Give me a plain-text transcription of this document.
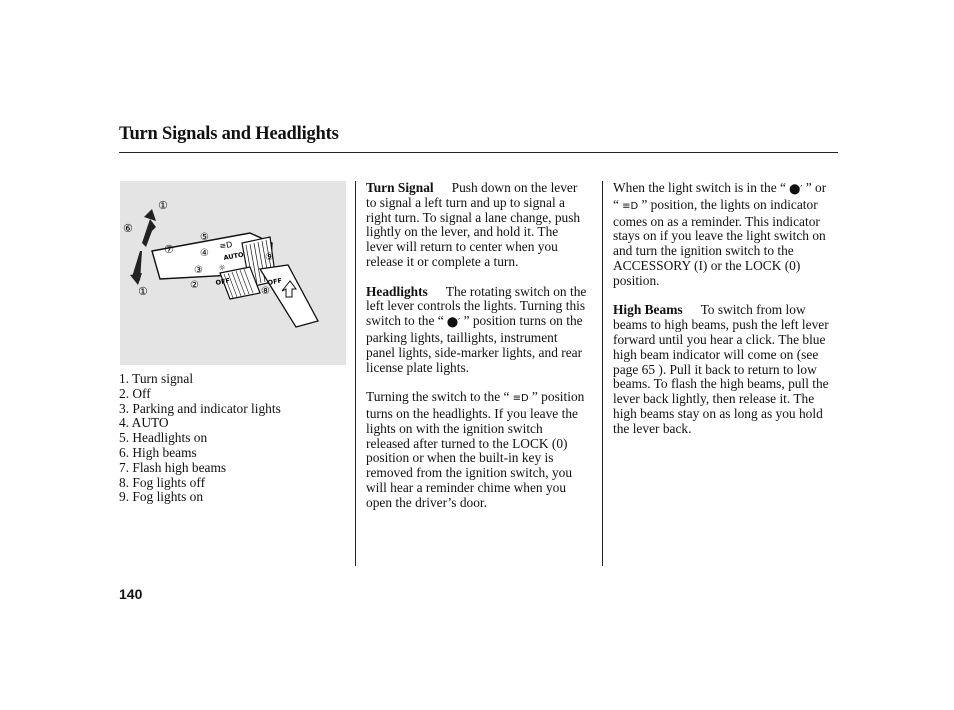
Turn Signals and Headlights
AUTO
OFF	OFF
①
①
⑥
⑦
⑤
④
③
②
⑨
⑧
≡D
☼
1. Turn signal
2. Off
3. Parking and indicator lights
4. AUTO
5. Headlights on
6. High beams
7. Flash high beams
8. Fog lights off
9. Fog lights on

Turn Signal Push down on the lever to signal a left turn and up to signal a right turn. To signal a lane change, push lightly on the lever, and hold it. The lever will return to center when you release it or complete a turn.

Headlights The rotating switch on the left lever controls the lights. Turning this switch to the “ ⬤′ ” position turns on the parking lights, taillights, instrument panel lights, side-marker lights, and rear license plate lights.

Turning the switch to the “ ≡D ” position turns on the headlights. If you leave the lights on with the ignition switch released after turned to the LOCK (0) position or when the built-in key is removed from the ignition switch, you will hear a reminder chime when you open the driver’s door.

When the light switch is in the “ ⬤′ ” or “ ≡D ” position, the lights on indicator comes on as a reminder. This indicator stays on if you leave the light switch on and turn the ignition switch to the ACCESSORY (I) or the LOCK (0) position.

High Beams To switch from low beams to high beams, push the left lever forward until you hear a click. The blue high beam indicator will come on (see page 65 ). Pull it back to return to low beams. To flash the high beams, pull the lever back lightly, then release it. The high beams stay on as long as you hold the lever back.

140
